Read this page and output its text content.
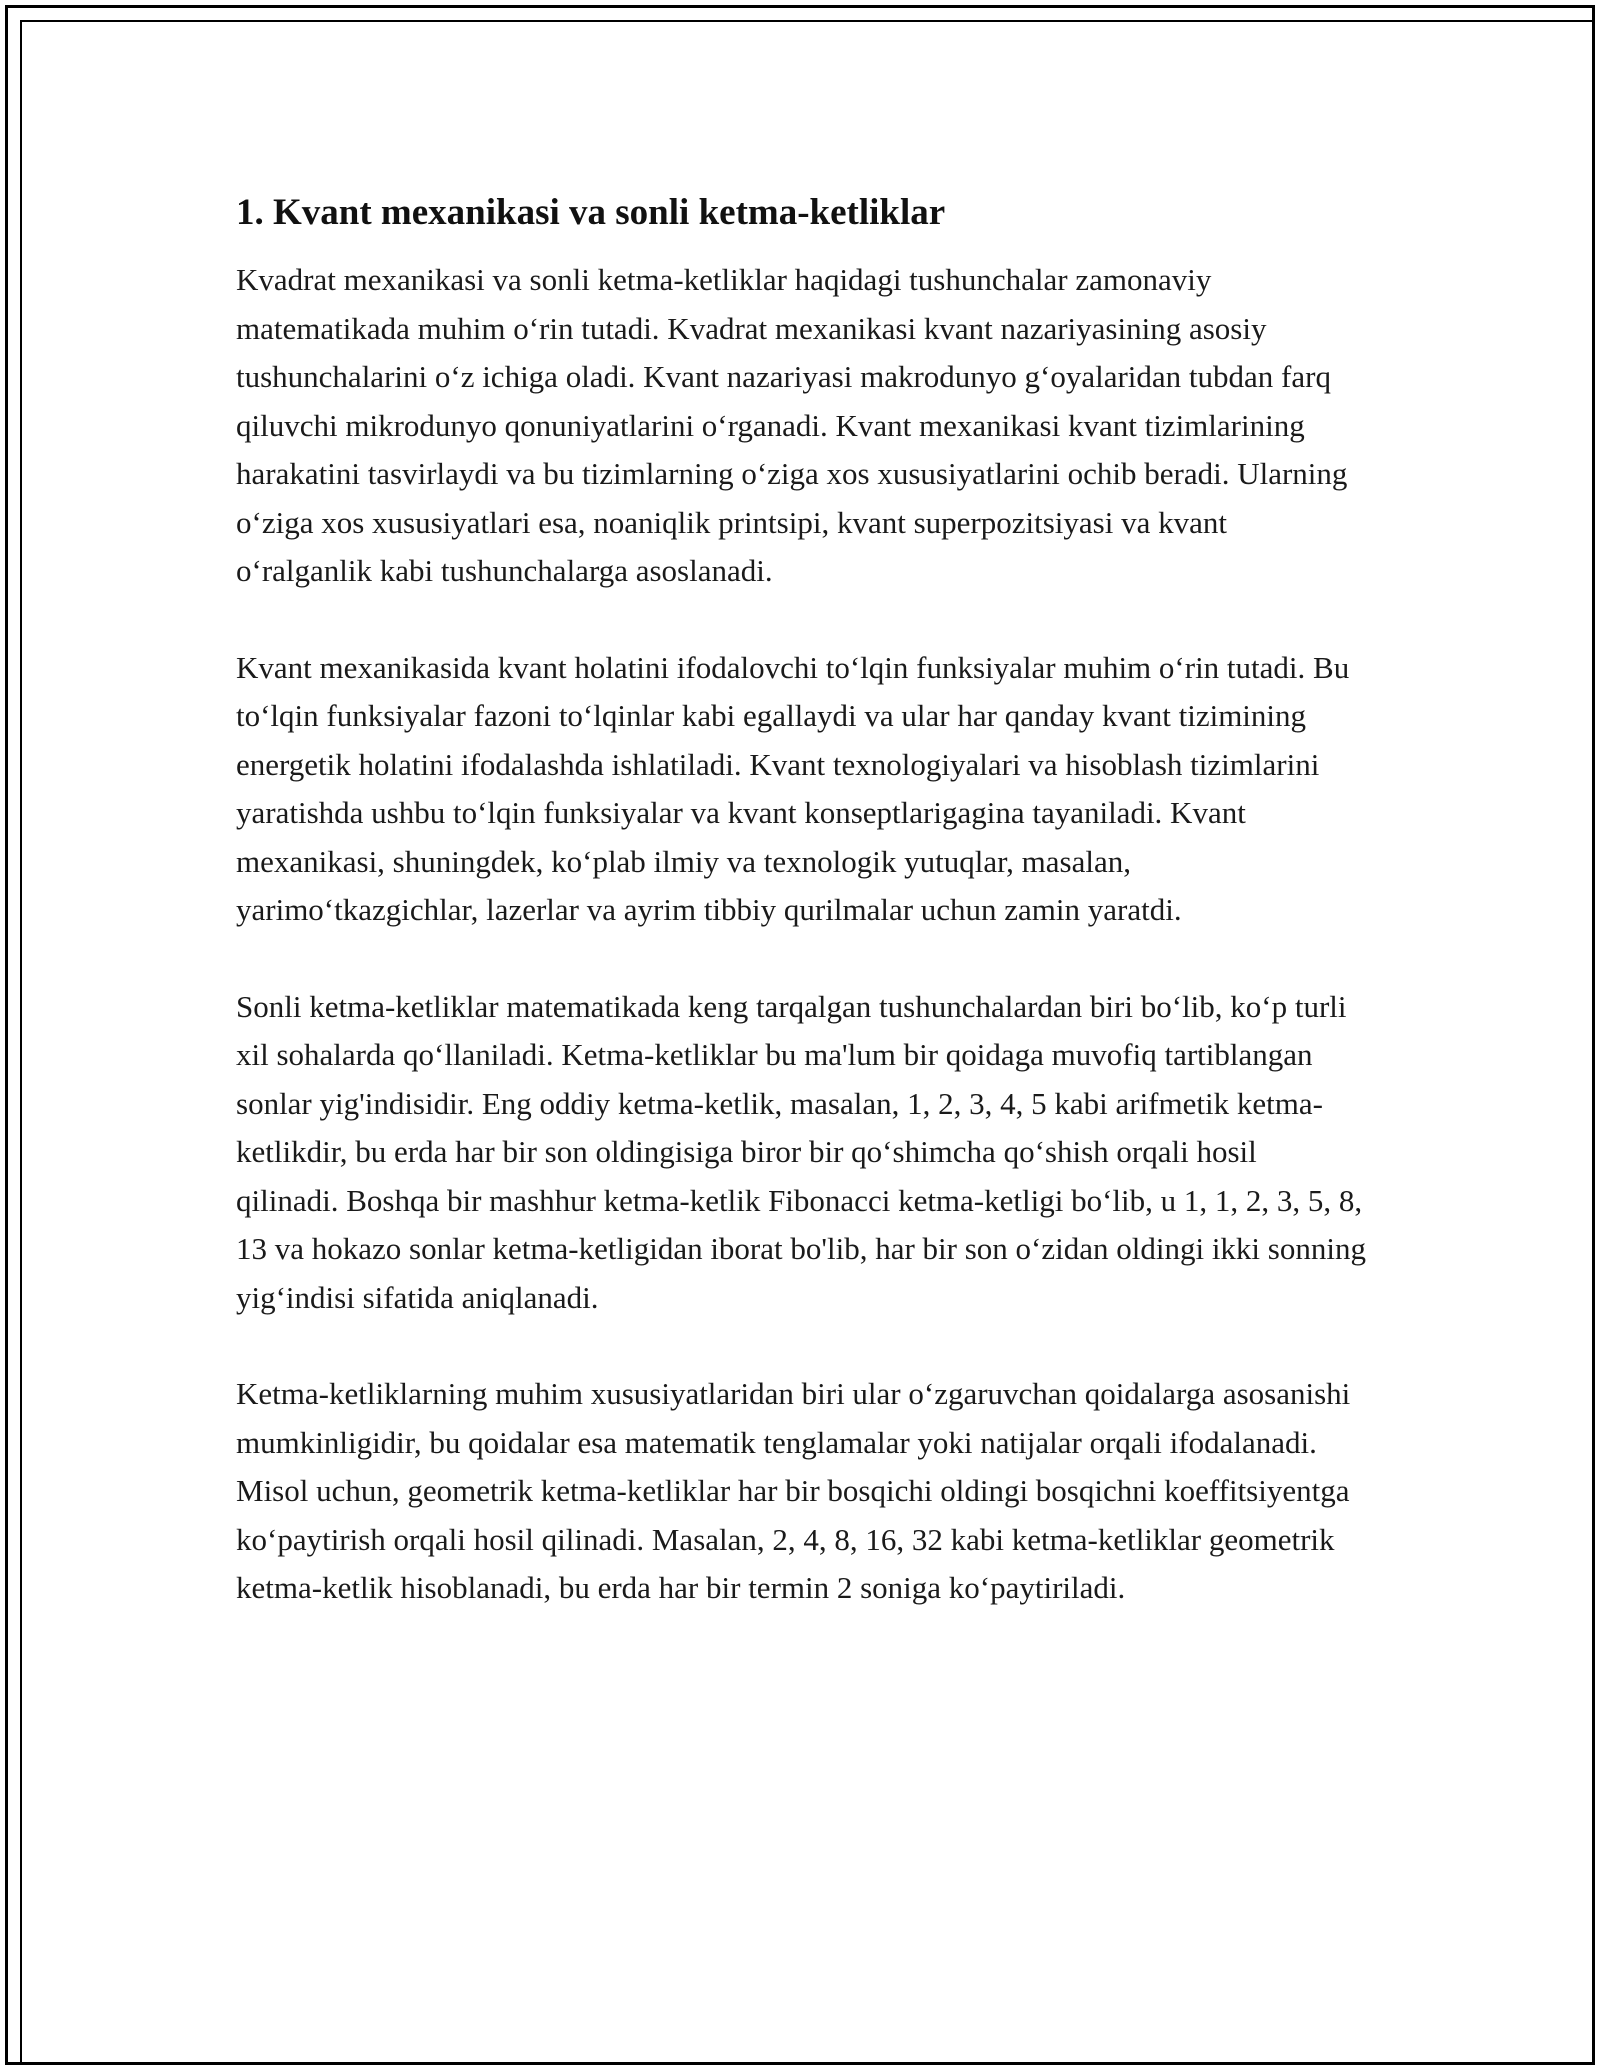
1. Kvant mexanikasi va sonli ketma-ketliklar

Kvadrat mexanikasi va sonli ketma-ketliklar haqidagi tushunchalar zamonaviy matematikada muhim o‘rin tutadi. Kvadrat mexanikasi kvant nazariyasining asosiy tushunchalarini o‘z ichiga oladi. Kvant nazariyasi makrodunyo g‘oyalaridan tubdan farq qiluvchi mikrodunyo qonuniyatlarini o‘rganadi. Kvant mexanikasi kvant tizimlarining harakatini tasvirlaydi va bu tizimlarning o‘ziga xos xususiyatlarini ochib beradi. Ularning o‘ziga xos xususiyatlari esa, noaniqlik printsipi, kvant superpozitsiyasi va kvant o‘ralganlik kabi tushunchalarga asoslanadi.

Kvant mexanikasida kvant holatini ifodalovchi to‘lqin funksiyalar muhim o‘rin tutadi. Bu to‘lqin funksiyalar fazoni to‘lqinlar kabi egallaydi va ular har qanday kvant tizimining energetik holatini ifodalashda ishlatiladi. Kvant texnologiyalari va hisoblash tizimlarini yaratishda ushbu to‘lqin funksiyalar va kvant konseptlarigagina tayaniladi. Kvant mexanikasi, shuningdek, ko‘plab ilmiy va texnologik yutuqlar, masalan, yarimo‘tkazgichlar, lazerlar va ayrim tibbiy qurilmalar uchun zamin yaratdi.

Sonli ketma-ketliklar matematikada keng tarqalgan tushunchalardan biri bo‘lib, ko‘p turli xil sohalarda qo‘llaniladi. Ketma-ketliklar bu ma'lum bir qoidaga muvofiq tartiblangan sonlar yig'indisidir. Eng oddiy ketma-ketlik, masalan, 1, 2, 3, 4, 5 kabi arifmetik ketma-ketlikdir, bu erda har bir son oldingisiga biror bir qo‘shimcha qo‘shish orqali hosil qilinadi. Boshqa bir mashhur ketma-ketlik Fibonacci ketma-ketligi bo‘lib, u 1, 1, 2, 3, 5, 8, 13 va hokazo sonlar ketma-ketligidan iborat bo'lib, har bir son o‘zidan oldingi ikki sonning yig‘indisi sifatida aniqlanadi.

Ketma-ketliklarning muhim xususiyatlaridan biri ular o‘zgaruvchan qoidalarga asosanishi mumkinligidir, bu qoidalar esa matematik tenglamalar yoki natijalar orqali ifodalanadi. Misol uchun, geometrik ketma-ketliklar har bir bosqichi oldingi bosqichni koeffitsiyentga ko‘paytirish orqali hosil qilinadi. Masalan, 2, 4, 8, 16, 32 kabi ketma-ketliklar geometrik ketma-ketlik hisoblanadi, bu erda har bir termin 2 soniga ko‘paytiriladi.
